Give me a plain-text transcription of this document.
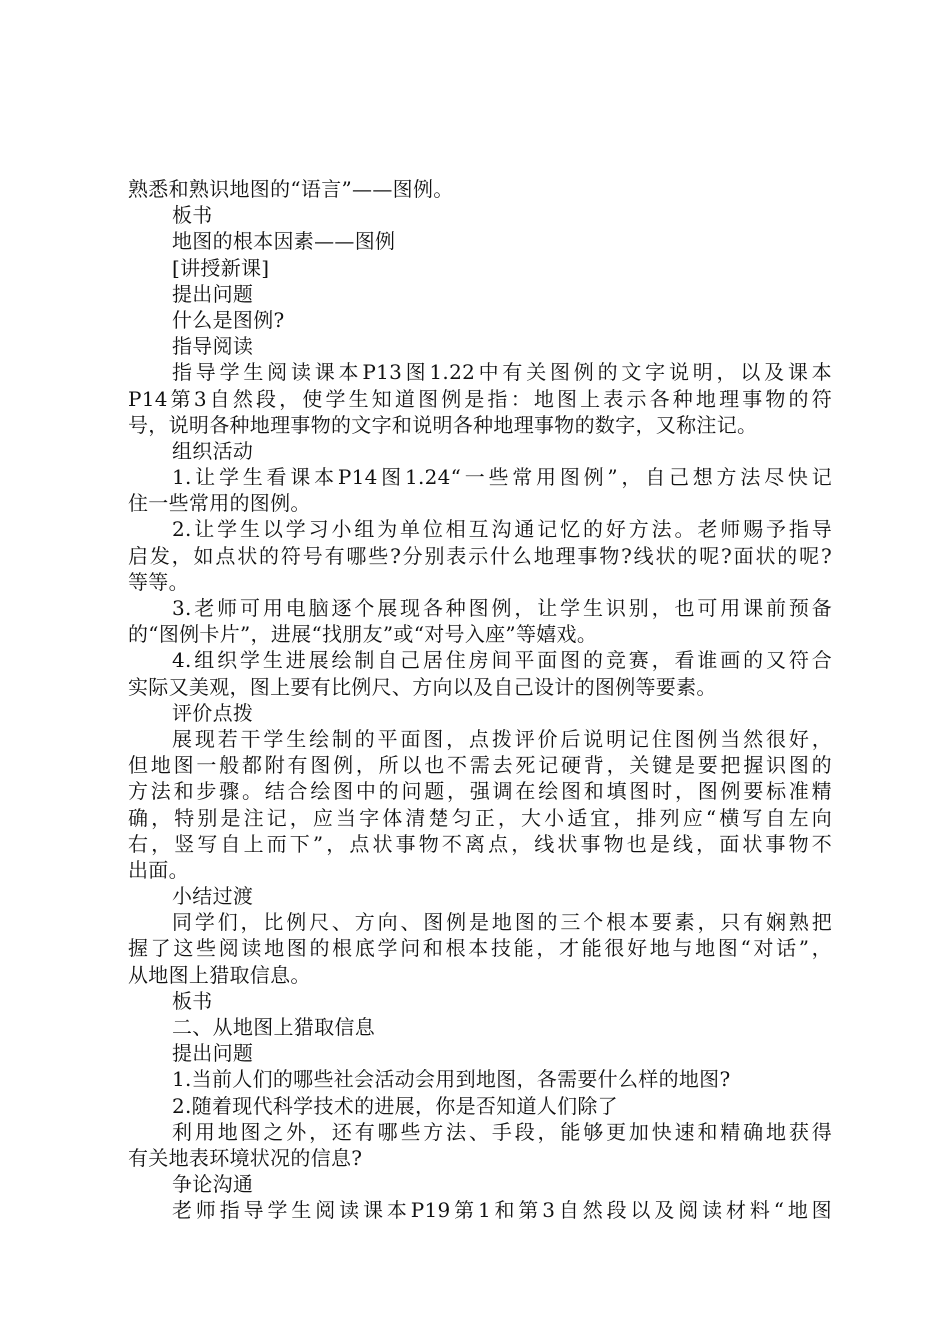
熟悉和熟识地图的“语言”——图例。
板书
地图的根本因素——图例
[讲授新课]
提出问题
什么是图例?
指导阅读
指导学生阅读课本P13图1.22中有关图例的文字说明，以及课本
P14第3自然段，使学生知道图例是指：地图上表示各种地理事物的符
号，说明各种地理事物的文字和说明各种地理事物的数字，又称注记。
组织活动
1.让学生看课本P14图1.24“一些常用图例”，自己想方法尽快记
住一些常用的图例。
2.让学生以学习小组为单位相互沟通记忆的好方法。老师赐予指导
启发，如点状的符号有哪些?分别表示什么地理事物?线状的呢?面状的呢?
等等。
3.老师可用电脑逐个展现各种图例，让学生识别，也可用课前预备
的“图例卡片”，进展“找朋友”或“对号入座”等嬉戏。
4.组织学生进展绘制自己居住房间平面图的竞赛，看谁画的又符合
实际又美观，图上要有比例尺、方向以及自己设计的图例等要素。
评价点拨
展现若干学生绘制的平面图，点拨评价后说明记住图例当然很好，
但地图一般都附有图例，所以也不需去死记硬背，关键是要把握识图的
方法和步骤。结合绘图中的问题，强调在绘图和填图时，图例要标准精
确，特别是注记，应当字体清楚匀正，大小适宜，排列应“横写自左向
右，竖写自上而下”，点状事物不离点，线状事物也是线，面状事物不
出面。
小结过渡
同学们，比例尺、方向、图例是地图的三个根本要素，只有娴熟把
握了这些阅读地图的根底学问和根本技能，才能很好地与地图“对话”，
从地图上猎取信息。
板书
二、从地图上猎取信息
提出问题
1.当前人们的哪些社会活动会用到地图，各需要什么样的地图?
2.随着现代科学技术的进展，你是否知道人们除了
利用地图之外，还有哪些方法、手段，能够更加快速和精确地获得
有关地表环境状况的信息?
争论沟通
老师指导学生阅读课本P19第1和第3自然段以及阅读材料“地图
